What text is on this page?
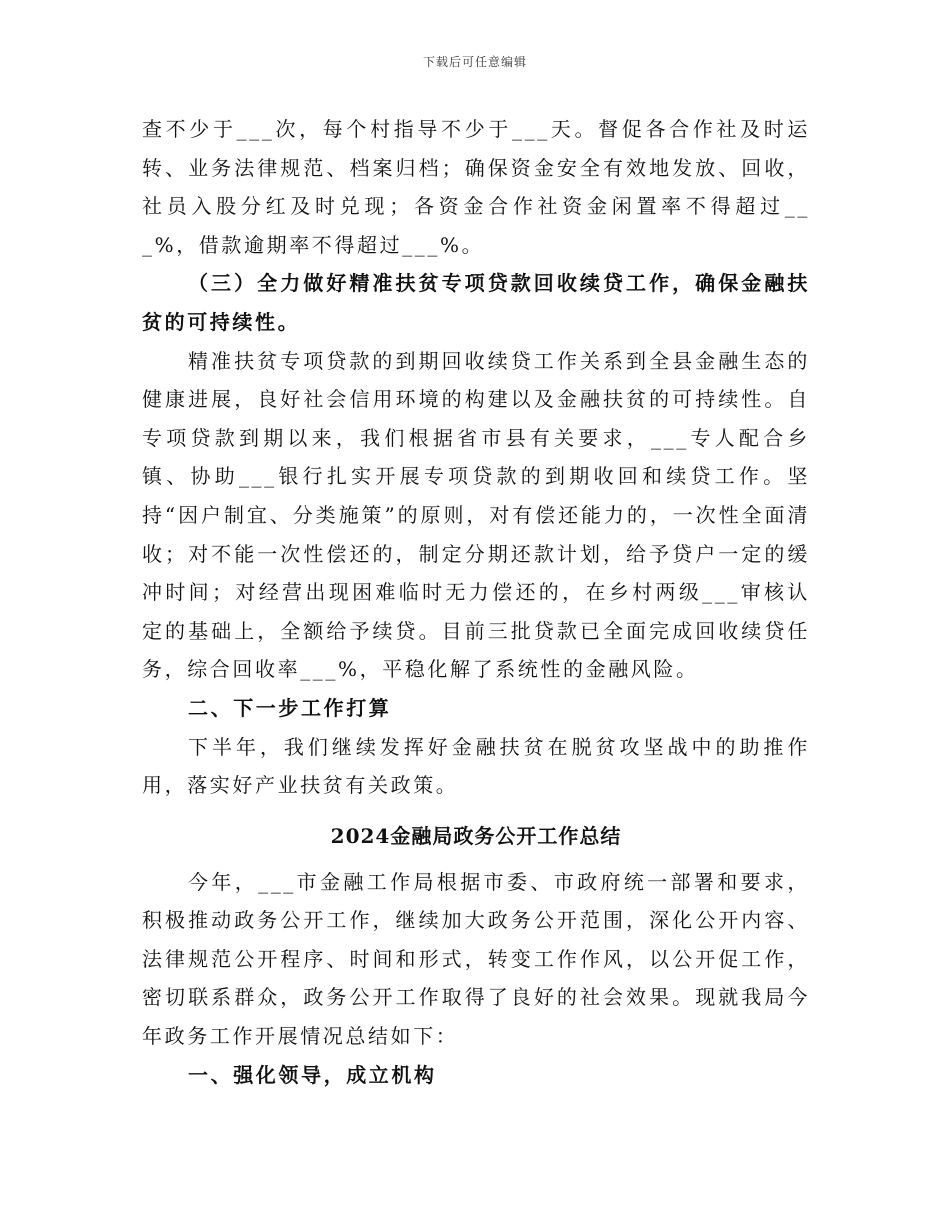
下载后可任意编辑

查不少于___次，每个村指导不少于___天。督促各合作社及时运转、业务法律规范、档案归档；确保资金安全有效地发放、回收，社员入股分红及时兑现；各资金合作社资金闲置率不得超过___%，借款逾期率不得超过___%。

（三）全力做好精准扶贫专项贷款回收续贷工作，确保金融扶贫的可持续性。

精准扶贫专项贷款的到期回收续贷工作关系到全县金融生态的健康进展，良好社会信用环境的构建以及金融扶贫的可持续性。自专项贷款到期以来，我们根据省市县有关要求，___专人配合乡镇、协助___银行扎实开展专项贷款的到期收回和续贷工作。坚持“因户制宜、分类施策”的原则，对有偿还能力的，一次性全面清收；对不能一次性偿还的，制定分期还款计划，给予贷户一定的缓冲时间；对经营出现困难临时无力偿还的，在乡村两级___审核认定的基础上，全额给予续贷。目前三批贷款已全面完成回收续贷任务，综合回收率___%，平稳化解了系统性的金融风险。

二、下一步工作打算

下半年，我们继续发挥好金融扶贫在脱贫攻坚战中的助推作用，落实好产业扶贫有关政策。

2024金融局政务公开工作总结

今年，___市金融工作局根据市委、市政府统一部署和要求，积极推动政务公开工作，继续加大政务公开范围，深化公开内容、法律规范公开程序、时间和形式，转变工作作风，以公开促工作，密切联系群众，政务公开工作取得了良好的社会效果。现就我局今年政务工作开展情况总结如下：

一、强化领导，成立机构
